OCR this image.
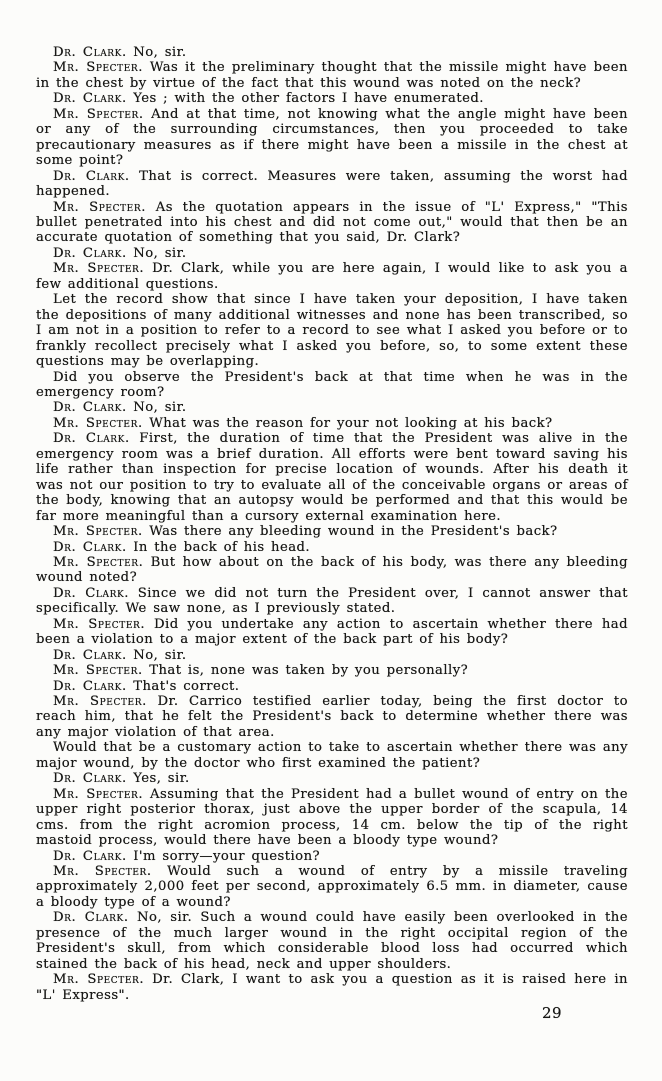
Dr. Clark. No, sir.

Mr. Specter. Was it the preliminary thought that the missile might have been in the chest by virtue of the fact that this wound was noted on the neck?

Dr. Clark. Yes ; with the other factors I have enumerated.

Mr. Specter. And at that time, not knowing what the angle might have been or any of the surrounding circumstances, then you proceeded to take precautionary measures as if there might have been a missile in the chest at some point?

Dr. Clark. That is correct. Measures were taken, assuming the worst had happened.

Mr. Specter. As the quotation appears in the issue of "L' Express," "This bullet penetrated into his chest and did not come out," would that then be an accurate quotation of something that you said, Dr. Clark?

Dr. Clark. No, sir.

Mr. Specter. Dr. Clark, while you are here again, I would like to ask you a few additional questions.

Let the record show that since I have taken your deposition, I have taken the depositions of many additional witnesses and none has been transcribed, so I am not in a position to refer to a record to see what I asked you before or to frankly recollect precisely what I asked you before, so, to some extent these questions may be overlapping.

Did you observe the President's back at that time when he was in the emergency room?

Dr. Clark. No, sir.

Mr. Specter. What was the reason for your not looking at his back?

Dr. Clark. First, the duration of time that the President was alive in the emergency room was a brief duration. All efforts were bent toward saving his life rather than inspection for precise location of wounds. After his death it was not our position to try to evaluate all of the conceivable organs or areas of the body, knowing that an autopsy would be performed and that this would be far more meaningful than a cursory external examination here.

Mr. Specter. Was there any bleeding wound in the President's back?

Dr. Clark. In the back of his head.

Mr. Specter. But how about on the back of his body, was there any bleeding wound noted?

Dr. Clark. Since we did not turn the President over, I cannot answer that specifically. We saw none, as I previously stated.

Mr. Specter. Did you undertake any action to ascertain whether there had been a violation to a major extent of the back part of his body?

Dr. Clark. No, sir.

Mr. Specter. That is, none was taken by you personally?

Dr. Clark. That's correct.

Mr. Specter. Dr. Carrico testified earlier today, being the first doctor to reach him, that he felt the President's back to determine whether there was any major violation of that area.

Would that be a customary action to take to ascertain whether there was any major wound, by the doctor who first examined the patient?

Dr. Clark. Yes, sir.

Mr. Specter. Assuming that the President had a bullet wound of entry on the upper right posterior thorax, just above the upper border of the scapula, 14 cms. from the right acromion process, 14 cm. below the tip of the right mastoid process, would there have been a bloody type wound?

Dr. Clark. I'm sorry—your question?

Mr. Specter. Would such a wound of entry by a missile traveling approximately 2,000 feet per second, approximately 6.5 mm. in diameter, cause a bloody type of a wound?

Dr. Clark. No, sir. Such a wound could have easily been overlooked in the presence of the much larger wound in the right occipital region of the President's skull, from which considerable blood loss had occurred which stained the back of his head, neck and upper shoulders.

Mr. Specter. Dr. Clark, I want to ask you a question as it is raised here in "L' Express".

29
